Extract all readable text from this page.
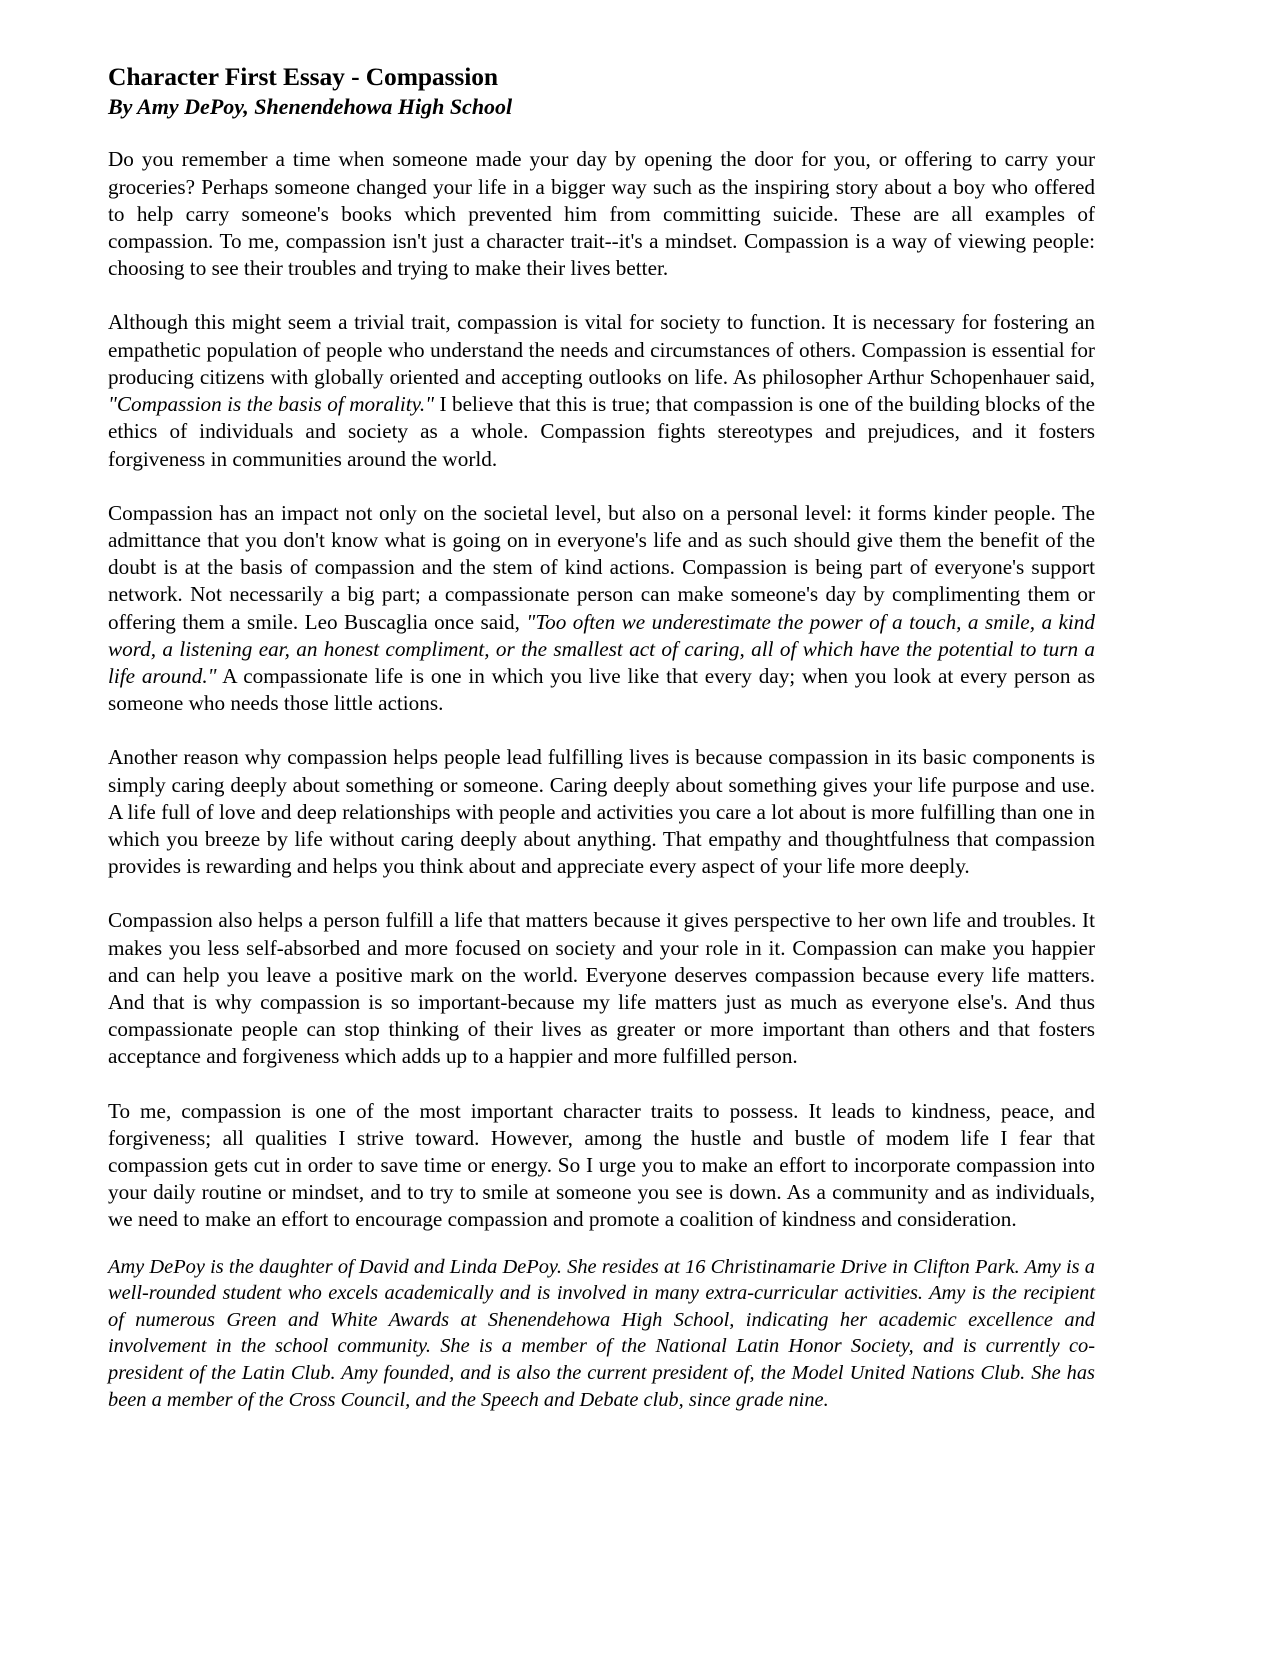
Character First Essay - Compassion
By Amy DePoy, Shenendehowa High School

Do you remember a time when someone made your day by opening the door for you, or offering to carry your groceries? Perhaps someone changed your life in a bigger way such as the inspiring story about a boy who offered to help carry someone's books which prevented him from committing suicide. These are all examples of compassion. To me, compassion isn't just a character trait--it's a mindset. Compassion is a way of viewing people: choosing to see their troubles and trying to make their lives better.

Although this might seem a trivial trait, compassion is vital for society to function. It is necessary for fostering an empathetic population of people who understand the needs and circumstances of others. Compassion is essential for producing citizens with globally oriented and accepting outlooks on life. As philosopher Arthur Schopenhauer said, "Compassion is the basis of morality." I believe that this is true; that compassion is one of the building blocks of the ethics of individuals and society as a whole. Compassion fights stereotypes and prejudices, and it fosters forgiveness in communities around the world.

Compassion has an impact not only on the societal level, but also on a personal level: it forms kinder people. The admittance that you don't know what is going on in everyone's life and as such should give them the benefit of the doubt is at the basis of compassion and the stem of kind actions. Compassion is being part of everyone's support network. Not necessarily a big part; a compassionate person can make someone's day by complimenting them or offering them a smile. Leo Buscaglia once said, "Too often we underestimate the power of a touch, a smile, a kind word, a listening ear, an honest compliment, or the smallest act of caring, all of which have the potential to turn a life around." A compassionate life is one in which you live like that every day; when you look at every person as someone who needs those little actions.

Another reason why compassion helps people lead fulfilling lives is because compassion in its basic components is simply caring deeply about something or someone. Caring deeply about something gives your life purpose and use. A life full of love and deep relationships with people and activities you care a lot about is more fulfilling than one in which you breeze by life without caring deeply about anything. That empathy and thoughtfulness that compassion provides is rewarding and helps you think about and appreciate every aspect of your life more deeply.

Compassion also helps a person fulfill a life that matters because it gives perspective to her own life and troubles. It makes you less self-absorbed and more focused on society and your role in it. Compassion can make you happier and can help you leave a positive mark on the world. Everyone deserves compassion because every life matters. And that is why compassion is so important-because my life matters just as much as everyone else's. And thus compassionate people can stop thinking of their lives as greater or more important than others and that fosters acceptance and forgiveness which adds up to a happier and more fulfilled person.

To me, compassion is one of the most important character traits to possess. It leads to kindness, peace, and forgiveness; all qualities I strive toward. However, among the hustle and bustle of modem life I fear that compassion gets cut in order to save time or energy. So I urge you to make an effort to incorporate compassion into your daily routine or mindset, and to try to smile at someone you see is down. As a community and as individuals, we need to make an effort to encourage compassion and promote a coalition of kindness and consideration.

Amy DePoy is the daughter of David and Linda DePoy. She resides at 16 Christinamarie Drive in Clifton Park. Amy is a well-rounded student who excels academically and is involved in many extra-curricular activities. Amy is the recipient of numerous Green and White Awards at Shenendehowa High School, indicating her academic excellence and involvement in the school community. She is a member of the National Latin Honor Society, and is currently co-president of the Latin Club. Amy founded, and is also the current president of, the Model United Nations Club. She has been a member of the Cross Council, and the Speech and Debate club, since grade nine.
